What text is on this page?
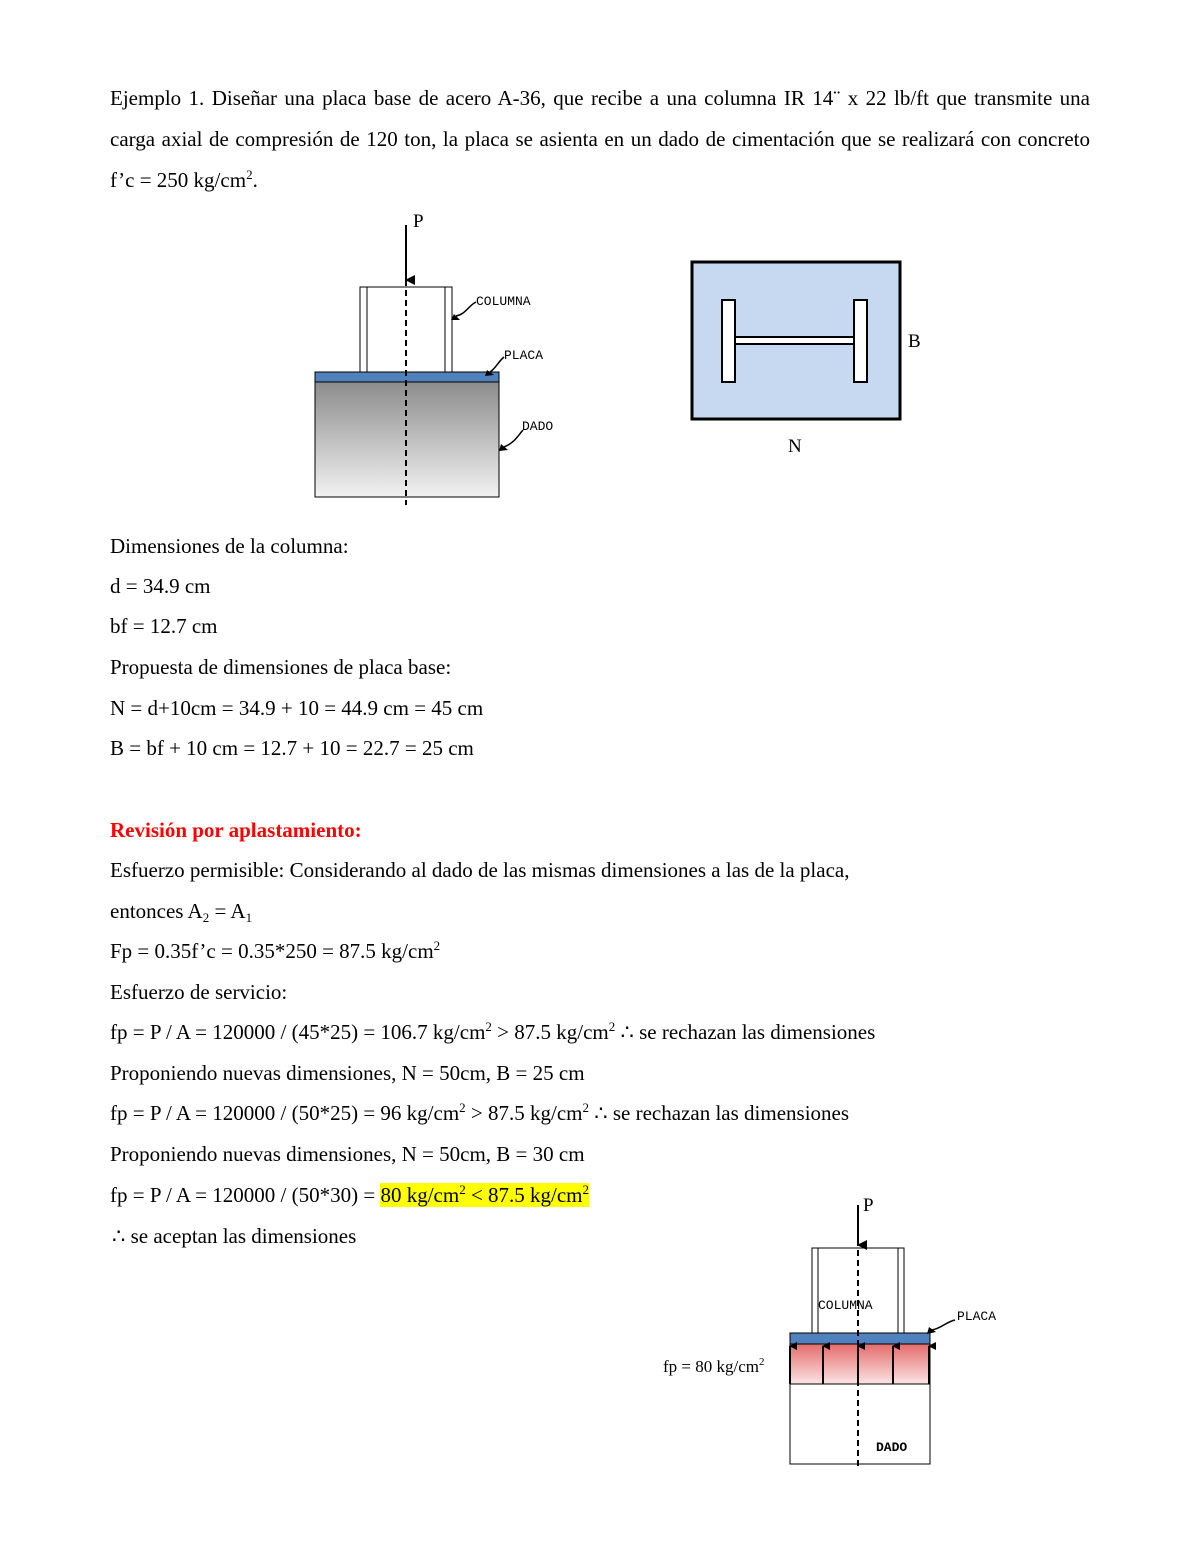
Ejemplo 1. Diseñar una placa base de acero A-36, que recibe a una columna IR 14¨ x 22 lb/ft que transmite una carga axial de compresión de 120 ton, la placa se asienta en un dado de cimentación que se realizará con concreto f’c = 250 $kg/cm^2$.
P
COLUMNA
PLACA
DADO
B
N
Dimensiones de la columna:
d = 34.9 cm
bf = 12.7 cm
Propuesta de dimensiones de placa base:
N = d+10cm = 34.9 + 10 = 44.9 cm = 45 cm
B = bf + 10 cm = 12.7 + 10 = 22.7 = 25 cm
Revisión por aplastamiento:
Esfuerzo permisible: Considerando al dado de las mismas dimensiones a las de la placa,
entonces $A_2 = A_1$
Fp = 0.35f’c = 0.35*250 = 87.5 $kg/cm^2$
Esfuerzo de servicio:
fp = P / A = 120000 / (45*25) = 106.7 $kg/cm^2 > 87.5$ $kg/cm^2$ ∴ se rechazan las dimensiones
Proponiendo nuevas dimensiones, N = 50cm, B = 25 cm
fp = P / A = 120000 / (50*25) = 96 $kg/cm^2 > 87.5$ $kg/cm^2$ ∴ se rechazan las dimensiones
Proponiendo nuevas dimensiones, N = 50cm, B = 30 cm
fp = P / A = 120000 / (50*30) = 80 $kg/cm^2 < 87.5$ $kg/cm^2$
∴ se aceptan las dimensiones
P
COLUMNA
PLACA
DADO
fp = 80 $kg/cm^2$
